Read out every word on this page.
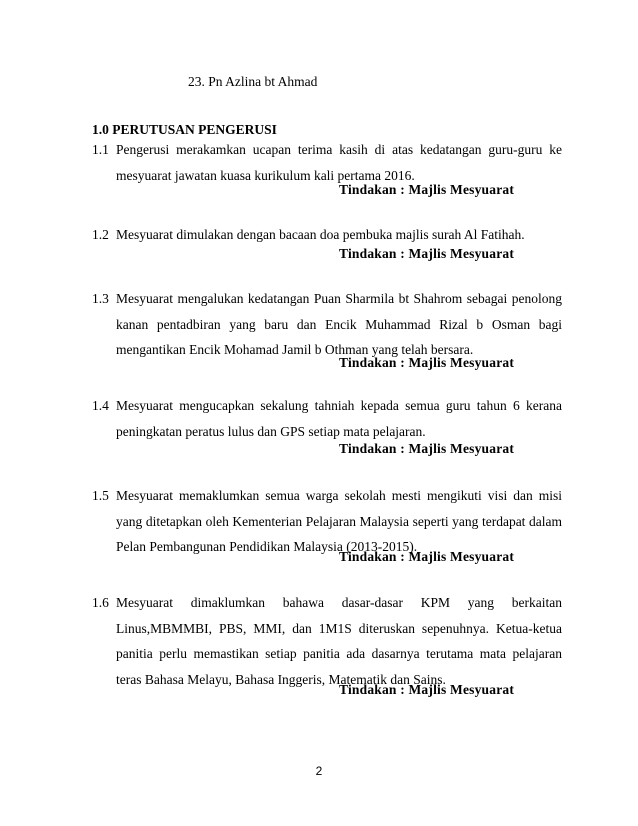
23. Pn Azlina bt Ahmad
1.0 PERUTUSAN PENGERUSI
1.1 Pengerusi merakamkan ucapan terima kasih di atas kedatangan guru-guru ke mesyuarat jawatan kuasa kurikulum kali pertama 2016.
Tindakan : Majlis Mesyuarat
1.2 Mesyuarat dimulakan dengan bacaan doa pembuka majlis surah Al Fatihah.
Tindakan : Majlis Mesyuarat
1.3 Mesyuarat mengalukan kedatangan Puan Sharmila bt Shahrom sebagai penolong kanan pentadbiran yang baru dan Encik Muhammad Rizal b Osman bagi mengantikan Encik Mohamad Jamil b Othman yang telah bersara.
Tindakan : Majlis Mesyuarat
1.4 Mesyuarat mengucapkan sekalung tahniah kepada semua guru tahun 6 kerana peningkatan peratus lulus dan GPS setiap mata pelajaran.
Tindakan : Majlis Mesyuarat
1.5 Mesyuarat memaklumkan semua warga sekolah mesti mengikuti visi dan misi yang ditetapkan oleh Kementerian Pelajaran Malaysia seperti yang terdapat dalam Pelan Pembangunan Pendidikan Malaysia (2013-2015).
Tindakan : Majlis Mesyuarat
1.6 Mesyuarat dimaklumkan bahawa dasar-dasar KPM yang berkaitan Linus,MBMMBI, PBS, MMI, dan 1M1S diteruskan sepenuhnya. Ketua-ketua panitia perlu memastikan setiap panitia ada dasarnya terutama mata pelajaran teras Bahasa Melayu, Bahasa Inggeris, Matematik dan Sains.
Tindakan : Majlis Mesyuarat
2
